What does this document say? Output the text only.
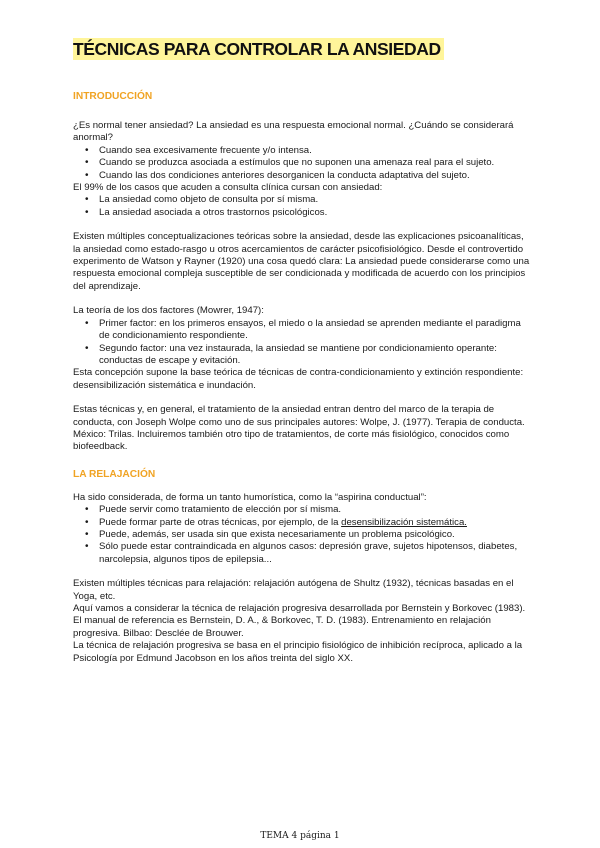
TÉCNICAS PARA CONTROLAR LA ANSIEDAD
INTRODUCCIÓN

¿Es normal tener ansiedad? La ansiedad es una respuesta emocional normal. ¿Cuándo se considerará anormal?

• Cuando sea excesivamente frecuente y/o intensa.
• Cuando se produzca asociada a estímulos que no suponen una amenaza real para el sujeto.
• Cuando las dos condiciones anteriores desorganicen la conducta adaptativa del sujeto.

El 99% de los casos que acuden a consulta clínica cursan con ansiedad:

• La ansiedad como objeto de consulta por sí misma.
• La ansiedad asociada a otros trastornos psicológicos.

Existen múltiples conceptualizaciones teóricas sobre la ansiedad, desde las explicaciones psicoanalíticas, la ansiedad como estado-rasgo u otros acercamientos de carácter psicofisiológico. Desde el controvertido experimento de Watson y Rayner (1920) una cosa quedó clara: La ansiedad puede considerarse como una respuesta emocional compleja susceptible de ser condicionada y modificada de acuerdo con los principios del aprendizaje.

La teoría de los dos factores (Mowrer, 1947):

• Primer factor: en los primeros ensayos, el miedo o la ansiedad se aprenden mediante el paradigma de condicionamiento respondiente.
• Segundo factor: una vez instaurada, la ansiedad se mantiene por condicionamiento operante: conductas de escape y evitación.

Esta concepción supone la base teórica de técnicas de contra-condicionamiento y extinción respondiente: desensibilización sistemática e inundación.

Estas técnicas y, en general, el tratamiento de la ansiedad entran dentro del marco de la terapia de conducta, con Joseph Wolpe como uno de sus principales autores: Wolpe, J. (1977). Terapia de conducta. México: Trilas. Incluiremos también otro tipo de tratamientos, de corte más fisiológico, conocidos como biofeedback.

LA RELAJACIÓN

Ha sido considerada, de forma un tanto humorística, como la “aspirina conductual”:

• Puede servir como tratamiento de elección por sí misma.
• Puede formar parte de otras técnicas, por ejemplo, de la desensibilización sistemática.
• Puede, además, ser usada sin que exista necesariamente un problema psicológico.
• Sólo puede estar contraindicada en algunos casos: depresión grave, sujetos hipotensos, diabetes, narcolepsia, algunos tipos de epilepsia...

Existen múltiples técnicas para relajación: relajación autógena de Shultz (1932), técnicas basadas en el Yoga, etc.

Aquí vamos a considerar la técnica de relajación progresiva desarrollada por Bernstein y Borkovec (1983). El manual de referencia es Bernstein, D. A., & Borkovec, T. D. (1983). Entrenamiento en relajación progresiva. Bilbao: Desclée de Brouwer.

La técnica de relajación progresiva se basa en el principio fisiológico de inhibición recíproca, aplicado a la Psicología por Edmund Jacobson en los años treinta del siglo XX.

TEMA 4 página 1
